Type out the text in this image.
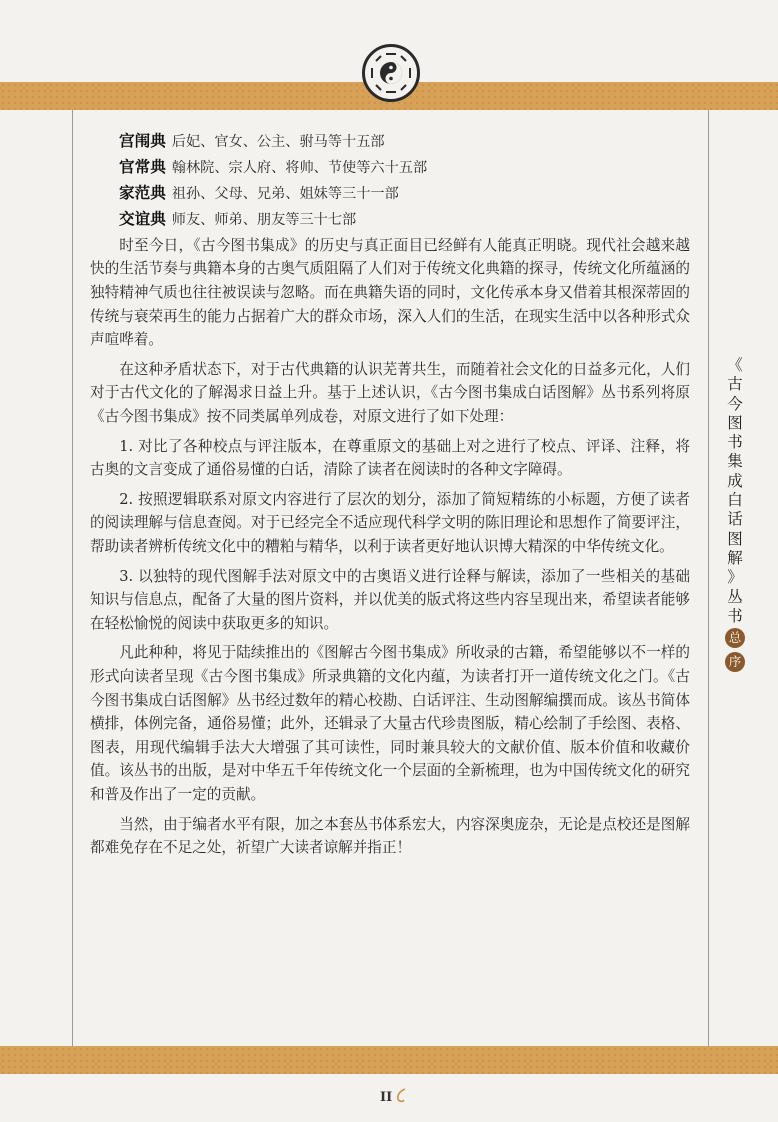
宫闱典 后妃、官女、公主、驸马等十五部
官常典 翰林院、宗人府、将帅、节使等六十五部
家范典 祖孙、父母、兄弟、姐妹等三十一部
交谊典 师友、师弟、朋友等三十七部

时至今日，《古今图书集成》的历史与真正面目已经鲜有人能真正明晓。现代社会越来越快的生活节奏与典籍本身的古奥气质阻隔了人们对于传统文化典籍的探寻，传统文化所蕴涵的独特精神气质也往往被误读与忽略。而在典籍失语的同时，文化传承本身又借着其根深蒂固的传统与衰荣再生的能力占据着广大的群众市场，深入人们的生活，在现实生活中以各种形式众声喧哗着。

在这种矛盾状态下，对于古代典籍的认识芜菁共生，而随着社会文化的日益多元化，人们对于古代文化的了解渴求日益上升。基于上述认识，《古今图书集成白话图解》丛书系列将原《古今图书集成》按不同类属单列成卷，对原文进行了如下处理：

1. 对比了各种校点与评注版本，在尊重原文的基础上对之进行了校点、评译、注释，将古奥的文言变成了通俗易懂的白话，清除了读者在阅读时的各种文字障碍。

2. 按照逻辑联系对原文内容进行了层次的划分，添加了简短精练的小标题，方便了读者的阅读理解与信息查阅。对于已经完全不适应现代科学文明的陈旧理论和思想作了简要评注，帮助读者辨析传统文化中的糟粕与精华，以利于读者更好地认识博大精深的中华传统文化。

3. 以独特的现代图解手法对原文中的古奥语义进行诠释与解读，添加了一些相关的基础知识与信息点，配备了大量的图片资料，并以优美的版式将这些内容呈现出来，希望读者能够在轻松愉悦的阅读中获取更多的知识。

凡此种种，将见于陆续推出的《图解古今图书集成》所收录的古籍，希望能够以不一样的形式向读者呈现《古今图书集成》所录典籍的文化内蕴，为读者打开一道传统文化之门。《古今图书集成白话图解》丛书经过数年的精心校勘、白话评注、生动图解编撰而成。该丛书简体横排，体例完备，通俗易懂；此外，还辑录了大量古代珍贵图版，精心绘制了手绘图、表格、图表，用现代编辑手法大大增强了其可读性，同时兼具较大的文献价值、版本价值和收藏价值。该丛书的出版，是对中华五千年传统文化一个层面的全新梳理，也为中国传统文化的研究和普及作出了一定的贡献。

当然，由于编者水平有限，加之本套丛书体系宏大，内容深奥庞杂，无论是点校还是图解都难免存在不足之处，祈望广大读者谅解并指正！

《
古
今
图
书
集
成
白
话
图
解
》
丛
书
总 序
II
